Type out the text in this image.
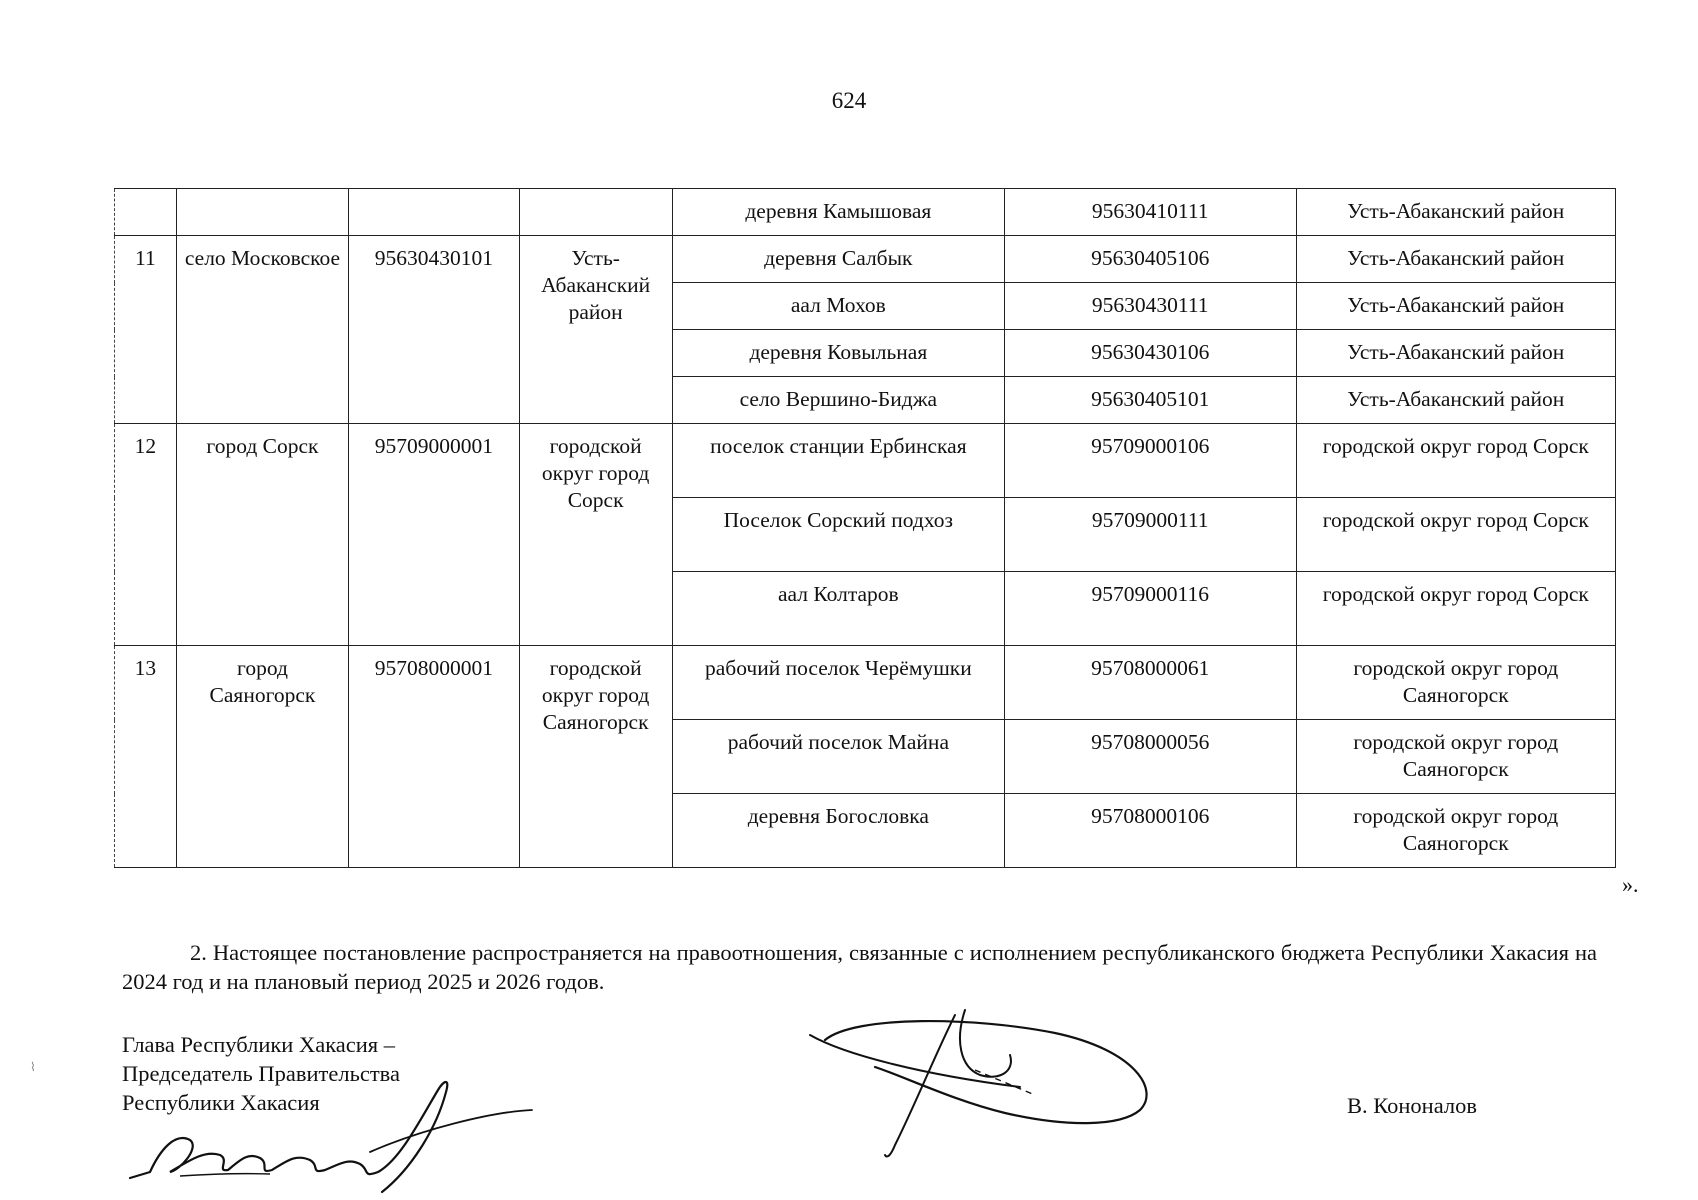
624
				деревня Камышовая	95630410111	Усть-Абаканский район
11	село Московское	95630430101	Усть-Абаканский район	деревня Салбык	95630405106	Усть-Абаканский район
				аал Мохов	95630430111	Усть-Абаканский район
				деревня Ковыльная	95630430106	Усть-Абаканский район
				село Вершино-Биджа	95630405101	Усть-Абаканский район
12	город Сорск	95709000001	городской округ город Сорск	поселок станции Ербинская	95709000106	городской округ город Сорск
				Поселок Сорский подхоз	95709000111	городской округ город Сорск
				аал Колтаров	95709000116	городской округ город Сорск
13	город Саяногорск	95708000001	городской округ город Саяногорск	рабочий поселок Черёмушки	95708000061	городской округ город Саяногорск
				рабочий поселок Майна	95708000056	городской округ город Саяногорск
				деревня Богословка	95708000106	городской округ город Саяногорск
».
2. Настоящее постановление распространяется на правоотношения, связанные с исполнением республиканского бюджета Республики Хакасия на 2024 год и на плановый период 2025 и 2026 годов.
Глава Республики Хакасия –
Председатель Правительства
Республики Хакасия	В. Кононалов
⌇
